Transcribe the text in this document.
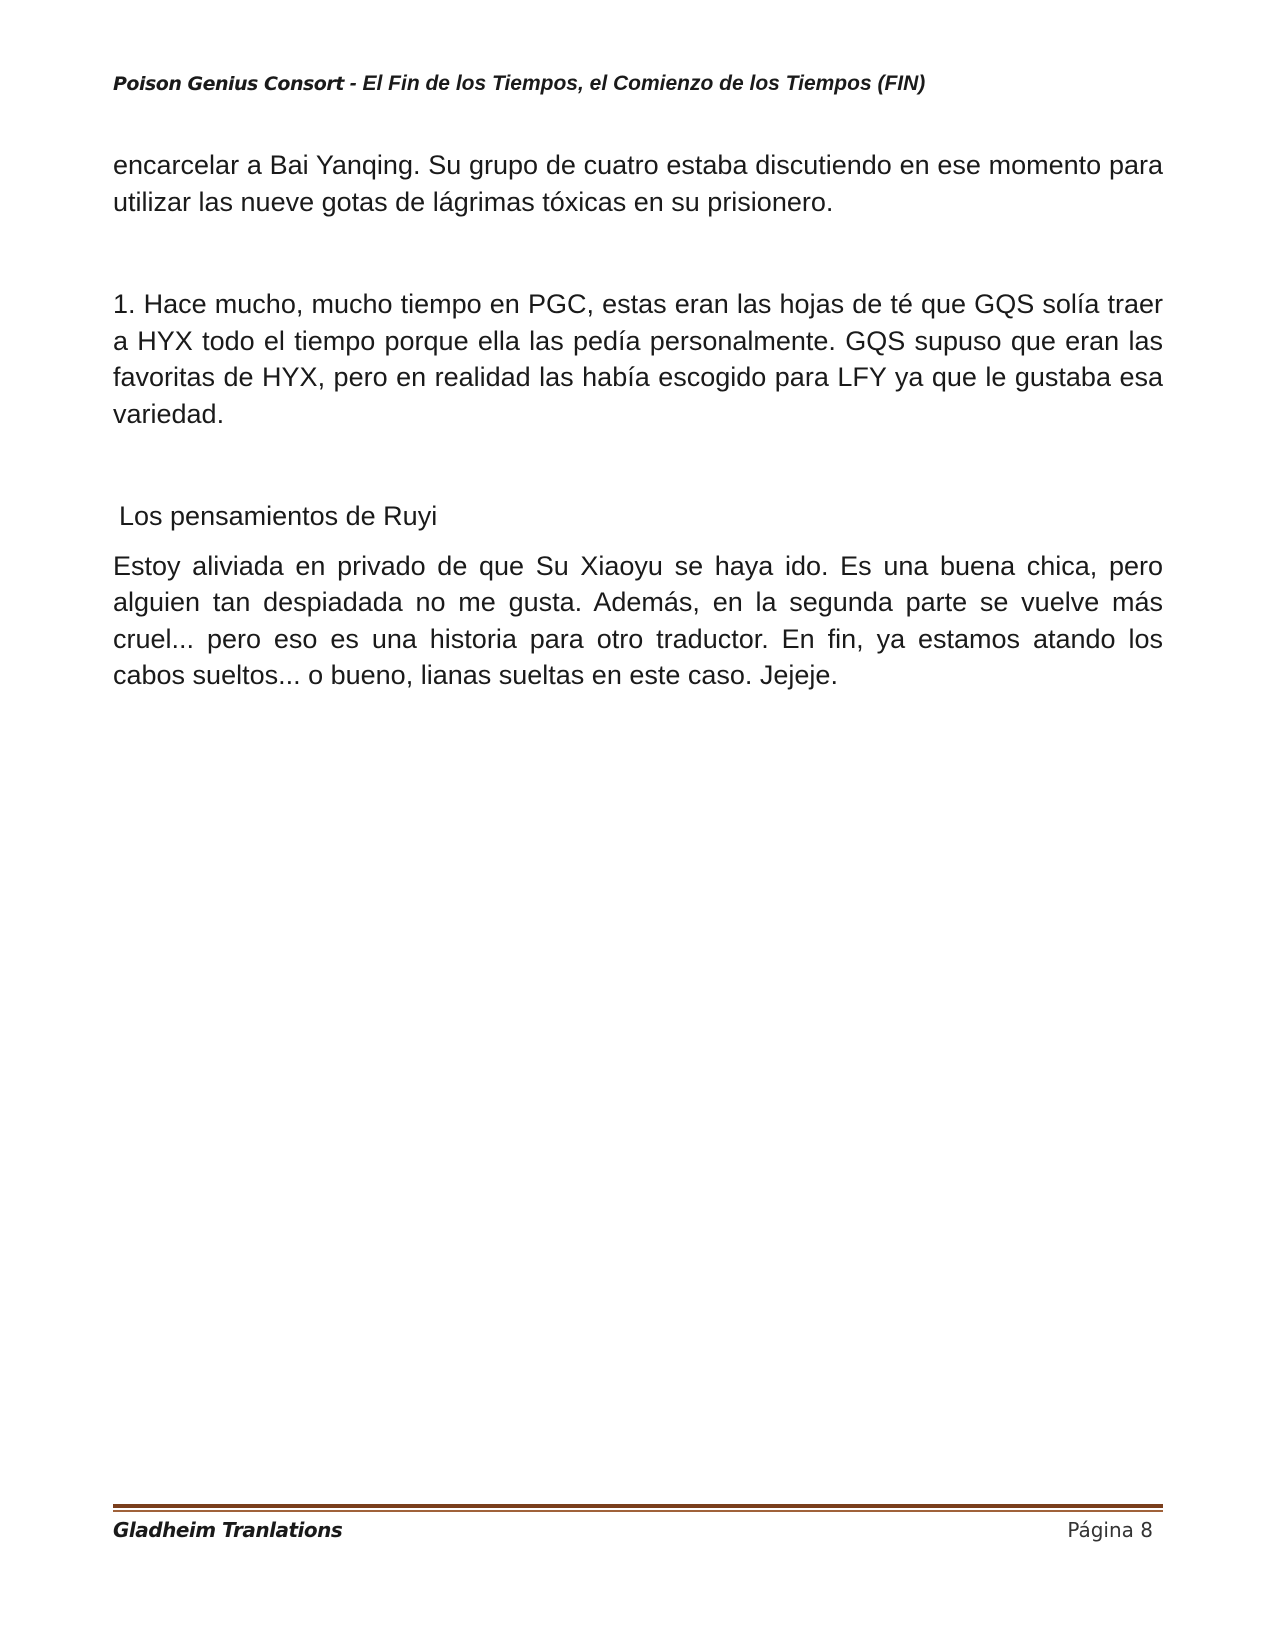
Poison Genius Consort - El Fin de los Tiempos, el Comienzo de los Tiempos (FIN)

encarcelar a Bai Yanqing. Su grupo de cuatro estaba discutiendo en ese momento para utilizar las nueve gotas de lágrimas tóxicas en su prisionero.

1. Hace mucho, mucho tiempo en PGC, estas eran las hojas de té que GQS solía traer a HYX todo el tiempo porque ella las pedía personalmente. GQS supuso que eran las favoritas de HYX, pero en realidad las había escogido para LFY ya que le gustaba esa variedad.

Los pensamientos de Ruyi

Estoy aliviada en privado de que Su Xiaoyu se haya ido. Es una buena chica, pero alguien tan despiadada no me gusta. Además, en la segunda parte se vuelve más cruel... pero eso es una historia para otro traductor. En fin, ya estamos atando los cabos sueltos... o bueno, lianas sueltas en este caso. Jejeje.

Gladheim Tranlations	Página 8
